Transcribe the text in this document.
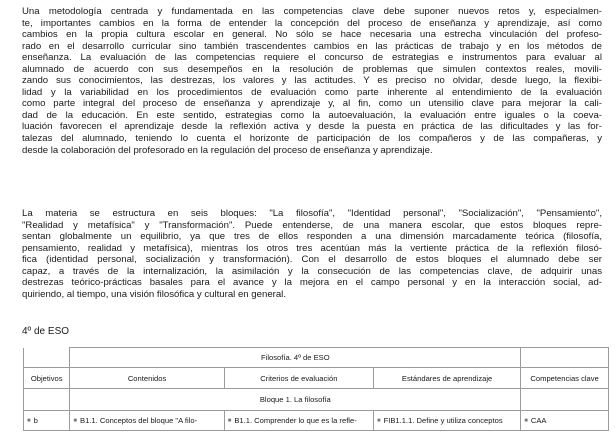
Una metodología centrada y fundamentada en las competencias clave debe suponer nuevos retos y, especialmen-
te, importantes cambios en la forma de entender la concepción del proceso de enseñanza y aprendizaje, así como
cambios en la propia cultura escolar en general. No sólo se hace necesaria una estrecha vinculación del profeso-
rado en el desarrollo curricular sino también trascendentes cambios en las prácticas de trabajo y en los métodos de
enseñanza. La evaluación de las competencias requiere el concurso de estrategias e instrumentos para evaluar al
alumnado de acuerdo con sus desempeños en la resolución de problemas que simulen contextos reales, movili-
zando sus conocimientos, las destrezas, los valores y las actitudes. Y es preciso no olvidar, desde luego, la flexibi-
lidad y la variabilidad en los procedimientos de evaluación como parte inherente al entendimiento de la evaluación
como parte integral del proceso de enseñanza y aprendizaje y, al fin, como un utensilio clave para mejorar la cali-
dad de la educación. En este sentido, estrategias como la autoevaluación, la evaluación entre iguales o la coeva-
luación favorecen el aprendizaje desde la reflexión activa y desde la puesta en práctica de las dificultades y las for-
talezas del alumnado, teniendo lo cuenta el horizonte de participación de los compañeros y de las compañeras, y
desde la colaboración del profesorado en la regulación del proceso de enseñanza y aprendizaje.
La materia se estructura en seis bloques: "La filosofía", "Identidad personal", "Socialización", "Pensamiento",
"Realidad y metafísica" y "Transformación". Puede entenderse, de una manera escolar, que estos bloques repre-
sentan globalmente un equilibrio, ya que tres de ellos responden a una dimensión marcadamente teórica (filosofía,
pensamiento, realidad y metafísica), mientras los otros tres acentúan más la vertiente práctica de la reflexión filosó-
fica (identidad personal, socialización y transformación). Con el desarrollo de estos bloques el alumnado debe ser
capaz, a través de la internalización, la asimilación y la consecución de las competencias clave, de adquirir unas
destrezas teórico-prácticas basales para el avance y la mejora en el campo personal y en la interacción social, ad-
quiriendo, al tiempo, una visión filosófica y cultural en general.

4º de ESO

	Filosofía. 4º de ESO			
Objetivos	Contenidos	Criterios de evaluación	Estándares de aprendizaje	Competencias clave
	Bloque 1. La filosofía			
■ b	■ B1.1. Conceptos del bloque "A filo-	■ B1.1. Comprender lo que es la refle-	■ FIB1.1.1. Define y utiliza conceptos	■ CAA
